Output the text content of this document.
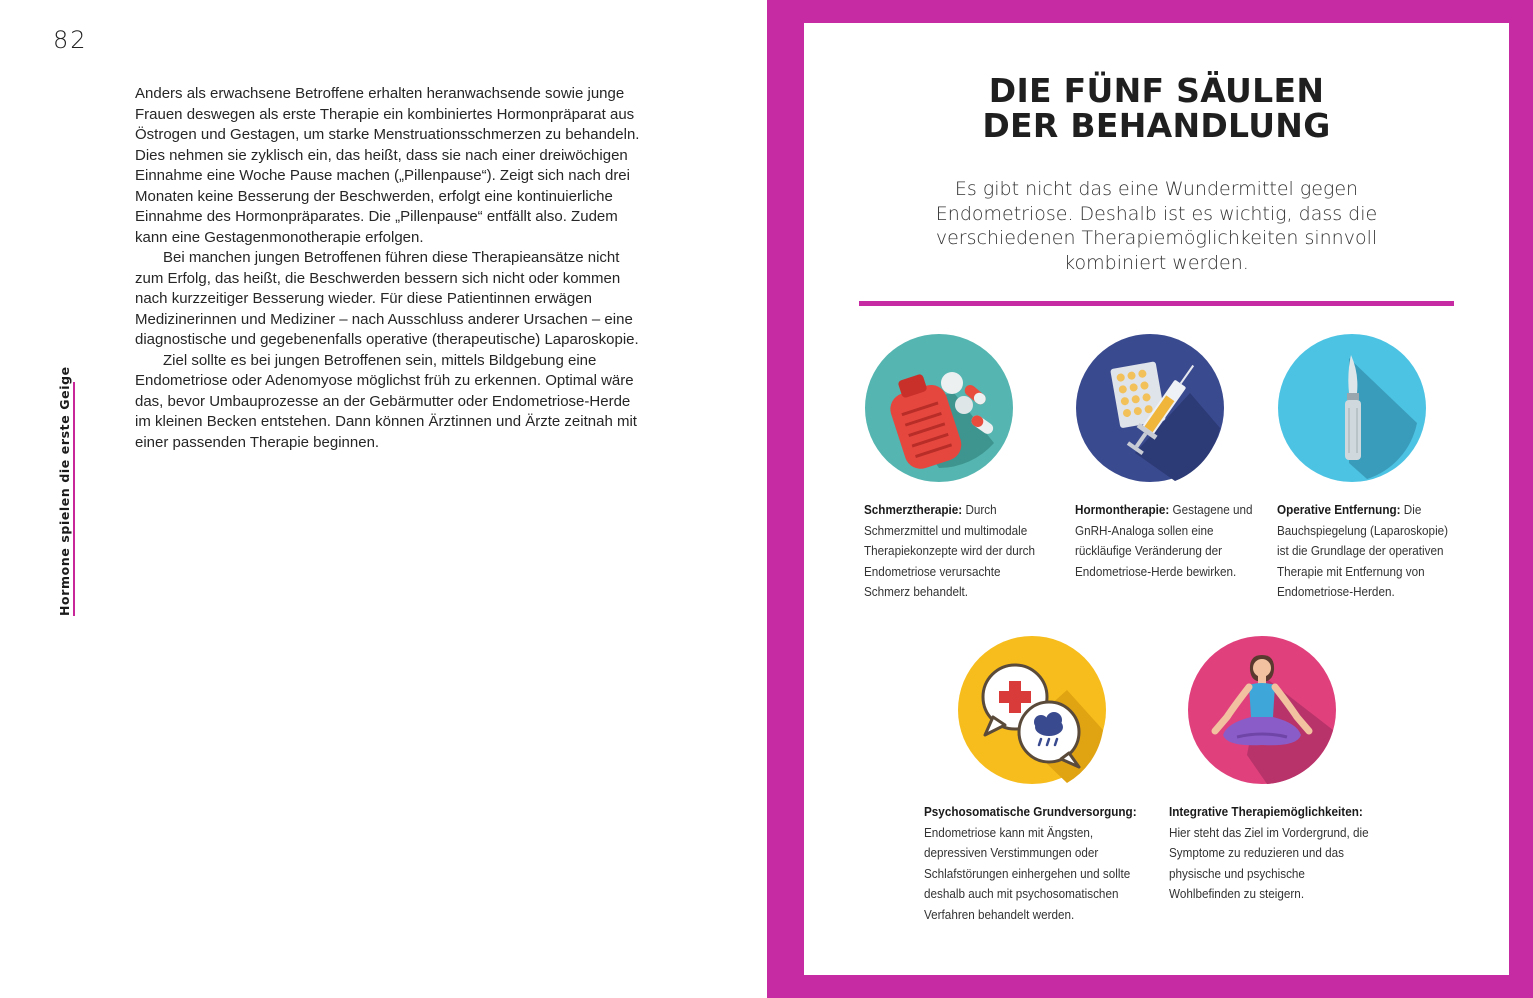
82
Hormone spielen die erste Geige

Anders als erwachsene Betroffene erhalten heranwachsende sowie junge Frauen deswegen als erste Therapie ein kombiniertes Hormonpräparat aus Östrogen und Gestagen, um starke Menstruationsschmerzen zu behandeln. Dies nehmen sie zyklisch ein, das heißt, dass sie nach einer dreiwöchigen Einnahme eine Woche Pause machen („Pillenpause“). Zeigt sich nach drei Monaten keine Besserung der Beschwerden, erfolgt eine kontinuierliche Einnahme des Hormonpräparates. Die „Pillenpause“ entfällt also. Zudem kann eine Gestagenmonotherapie erfolgen.

Bei manchen jungen Betroffenen führen diese Therapieansätze nicht zum Erfolg, das heißt, die Beschwerden bessern sich nicht oder kommen nach kurzzeitiger Besserung wieder. Für diese Patientinnen erwägen Medizinerinnen und Mediziner – nach Ausschluss anderer Ursachen – eine diagnostische und gegebenenfalls operative (therapeutische) Laparoskopie.

Ziel sollte es bei jungen Betroffenen sein, mittels Bildgebung eine Endometriose oder Adenomyose möglichst früh zu erkennen. Optimal wäre das, bevor Umbauprozesse an der Gebärmutter oder Endometriose-Herde im kleinen Becken entstehen. Dann können Ärztinnen und Ärzte zeitnah mit einer passenden Therapie beginnen.

DIE FÜNF SÄULEN
DER BEHANDLUNG
Es gibt nicht das eine Wundermittel gegen Endometriose. Deshalb ist es wichtig, dass die verschiedenen Therapiemöglichkeiten sinnvoll kombiniert werden.
Schmerztherapie: Durch Schmerzmittel und multimodale Therapiekonzepte wird der durch Endometriose verursachte Schmerz behandelt.
Hormontherapie: Gestagene und GnRH-Analoga sollen eine rückläufige Veränderung der Endometriose-Herde bewirken.
Operative Entfernung: Die Bauchspiegelung (Laparoskopie) ist die Grundlage der operativen Therapie mit Entfernung von Endometriose-Herden.
Psychosomatische Grundversorgung: Endometriose kann mit Ängsten, depressiven Verstimmungen oder Schlafstörungen einhergehen und sollte deshalb auch mit psychosomatischen Verfahren behandelt werden.
Integrative Therapiemöglichkeiten: Hier steht das Ziel im Vordergrund, die Symptome zu reduzieren und das physische und psychische Wohlbefinden zu steigern.
